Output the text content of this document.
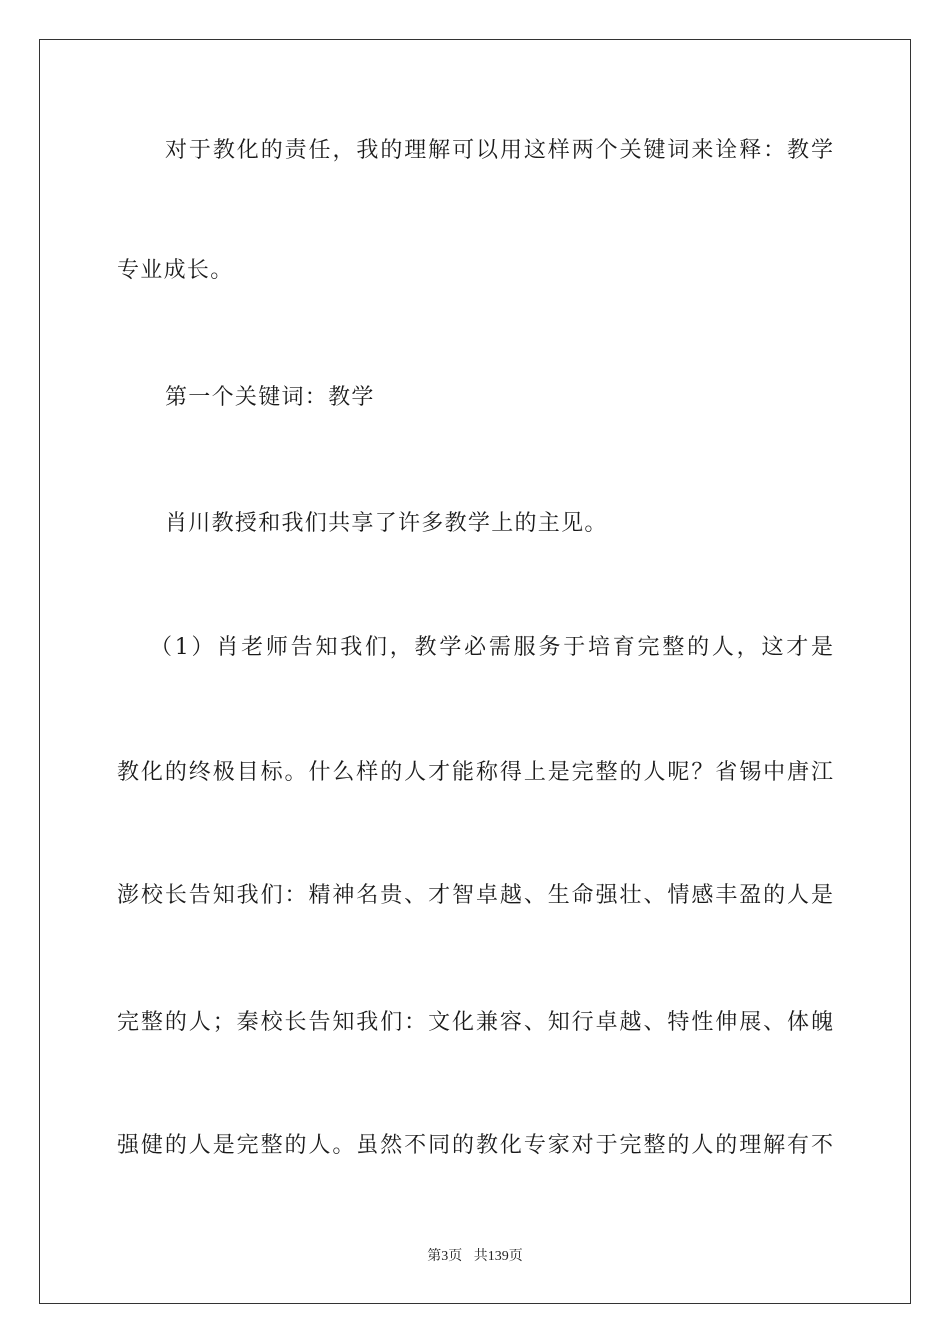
对于教化的责任，我的理解可以用这样两个关键词来诠释：教学
专业成长。
第一个关键词：教学
肖川教授和我们共享了许多教学上的主见。
（1）肖老师告知我们，教学必需服务于培育完整的人，这才是
教化的终极目标。什么样的人才能称得上是完整的人呢？省锡中唐江
澎校长告知我们：精神名贵、才智卓越、生命强壮、情感丰盈的人是
完整的人；秦校长告知我们：文化兼容、知行卓越、特性伸展、体魄
强健的人是完整的人。虽然不同的教化专家对于完整的人的理解有不
第3页 共139页
